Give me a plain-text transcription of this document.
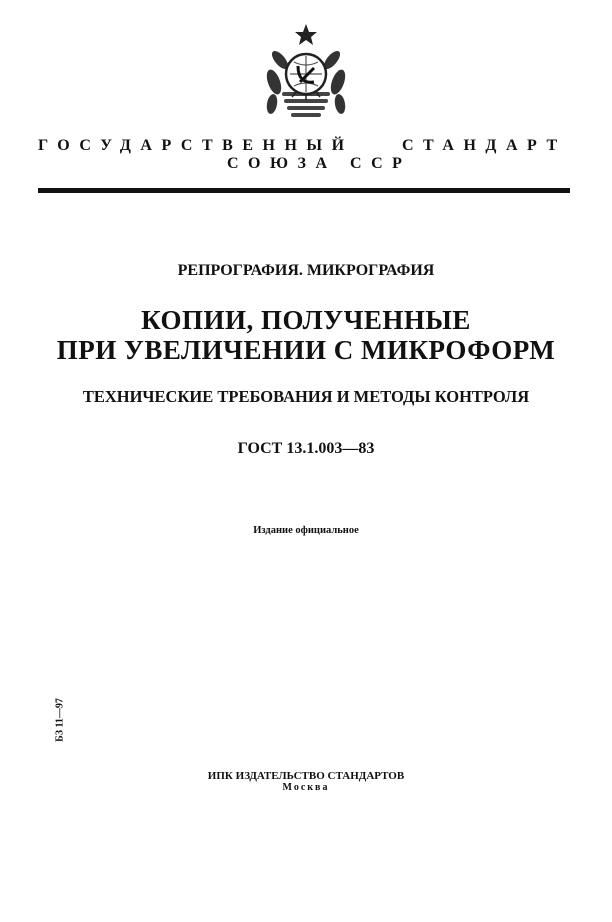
ГОСУДАРСТВЕННЫЙ	СТАНДАРТ
СОЮЗА ССР
РЕПРОГРАФИЯ. МИКРОГРАФИЯ
КОПИИ, ПОЛУЧЕННЫЕ
ПРИ УВЕЛИЧЕНИИ С МИКРОФОРМ
ТЕХНИЧЕСКИЕ ТРЕБОВАНИЯ И МЕТОДЫ КОНТРОЛЯ
ГОСТ 13.1.003—83
Издание официальное
БЗ 11—97
ИПК ИЗДАТЕЛЬСТВО СТАНДАРТОВ
Москва
